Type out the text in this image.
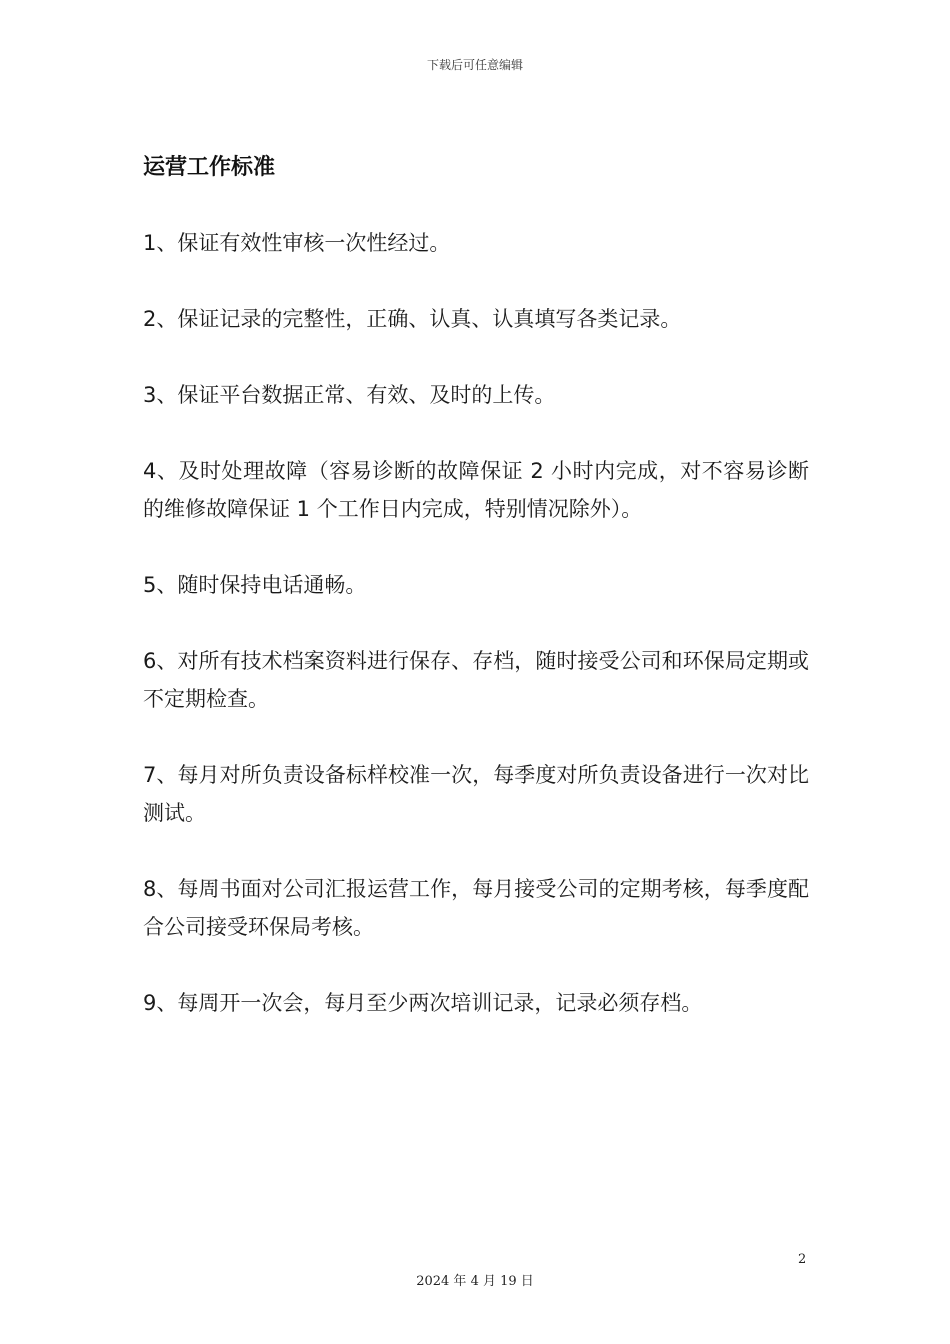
下载后可任意编辑
运营工作标准
1、保证有效性审核一次性经过。
2、保证记录的完整性，正确、认真、认真填写各类记录。
3、保证平台数据正常、有效、及时的上传。
4、及时处理故障（容易诊断的故障保证 2 小时内完成，对不容易诊断的维修故障保证 1 个工作日内完成，特别情况除外）。
5、随时保持电话通畅。
6、对所有技术档案资料进行保存、存档，随时接受公司和环保局定期或不定期检查。
7、每月对所负责设备标样校准一次，每季度对所负责设备进行一次对比测试。
8、每周书面对公司汇报运营工作，每月接受公司的定期考核，每季度配合公司接受环保局考核。
9、每周开一次会，每月至少两次培训记录，记录必须存档。
2
2024 年 4 月 19 日
